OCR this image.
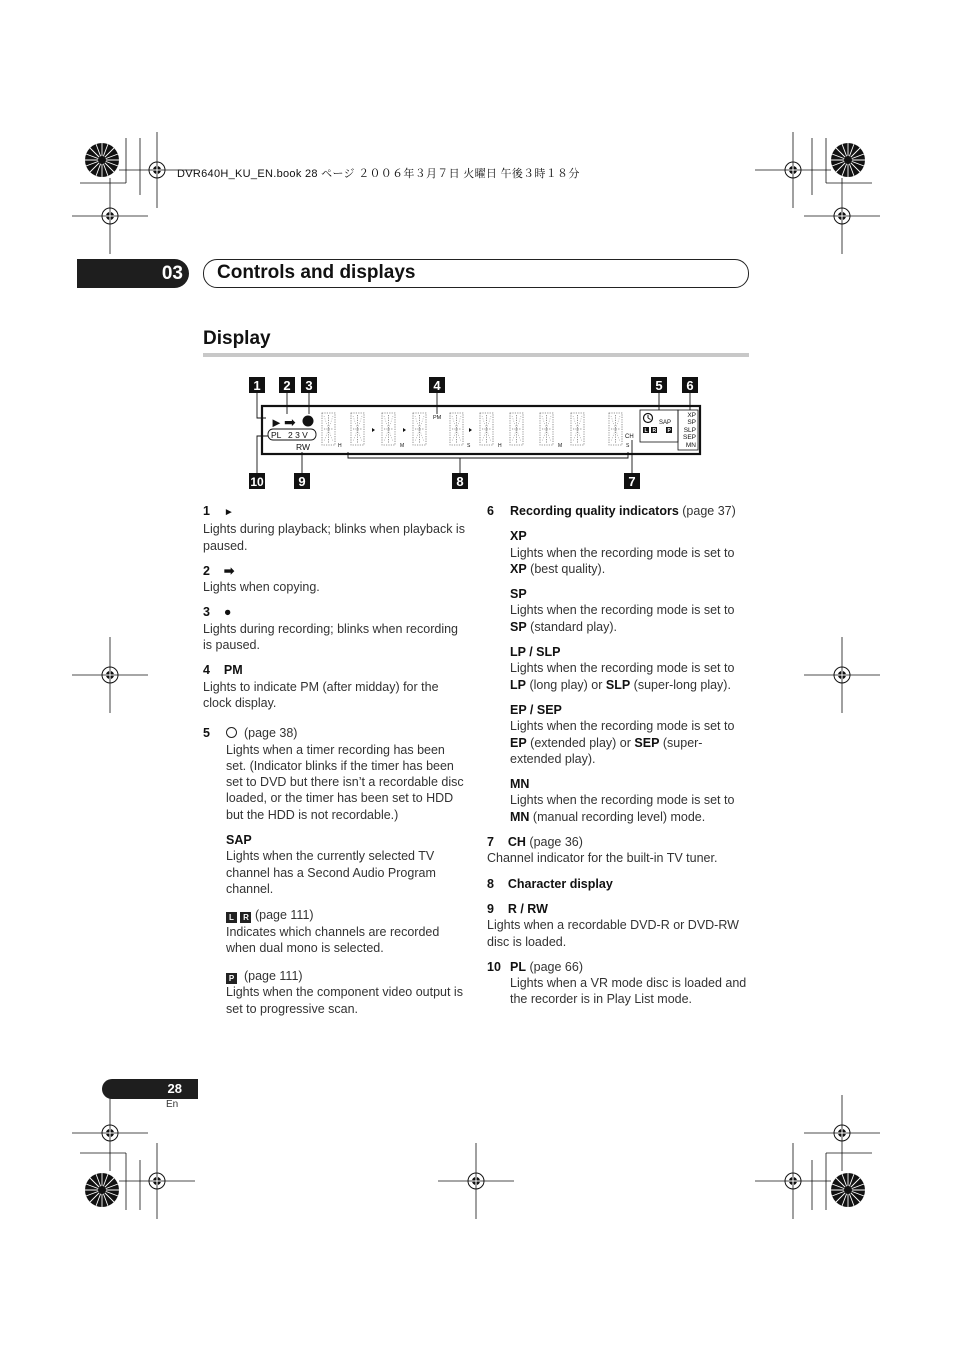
DVR640H_KU_EN.book 28 ページ ２００６年３月７日 火曜日 午後３時１８分
03	Controls and displays
Display
1 2 3	4	5 6
► ➡
PL 2 3 V
RW	H	M
PM
S	H	M
CH
S
SAP
L R P
XP
SP
SLP
SEP
MN
10	9	8	7
1 ►
Lights during playback; blinks when playback is paused.
2 ➡
Lights when copying.
3 ●
Lights during recording; blinks when recording is paused.
4 PM
Lights to indicate PM (after midday) for the clock display.
5	(page 38)
Lights when a timer recording has been set. (Indicator blinks if the timer has been set to DVD but there isn’t a recordable disc loaded, or the timer has been set to HDD but the HDD is not recordable.)
SAP
Lights when the currently selected TV channel has a Second Audio Program channel.
L R (page 111)
Indicates which channels are recorded when dual mono is selected.
P (page 111)
Lights when the component video output is set to progressive scan.
6 Recording quality indicators (page 37)
XP
Lights when the recording mode is set to XP (best quality).
SP
Lights when the recording mode is set to SP (standard play).
LP / SLP
Lights when the recording mode is set to LP (long play) or SLP (super-long play).
EP / SEP
Lights when the recording mode is set to EP (extended play) or SEP (super-extended play).
MN
Lights when the recording mode is set to MN (manual recording level) mode.
7 CH (page 36)
Channel indicator for the built-in TV tuner.
8 Character display
9 R / RW
Lights when a recordable DVD-R or DVD-RW disc is loaded.
10 PL (page 66)
Lights when a VR mode disc is loaded and the recorder is in Play List mode.
28
En
